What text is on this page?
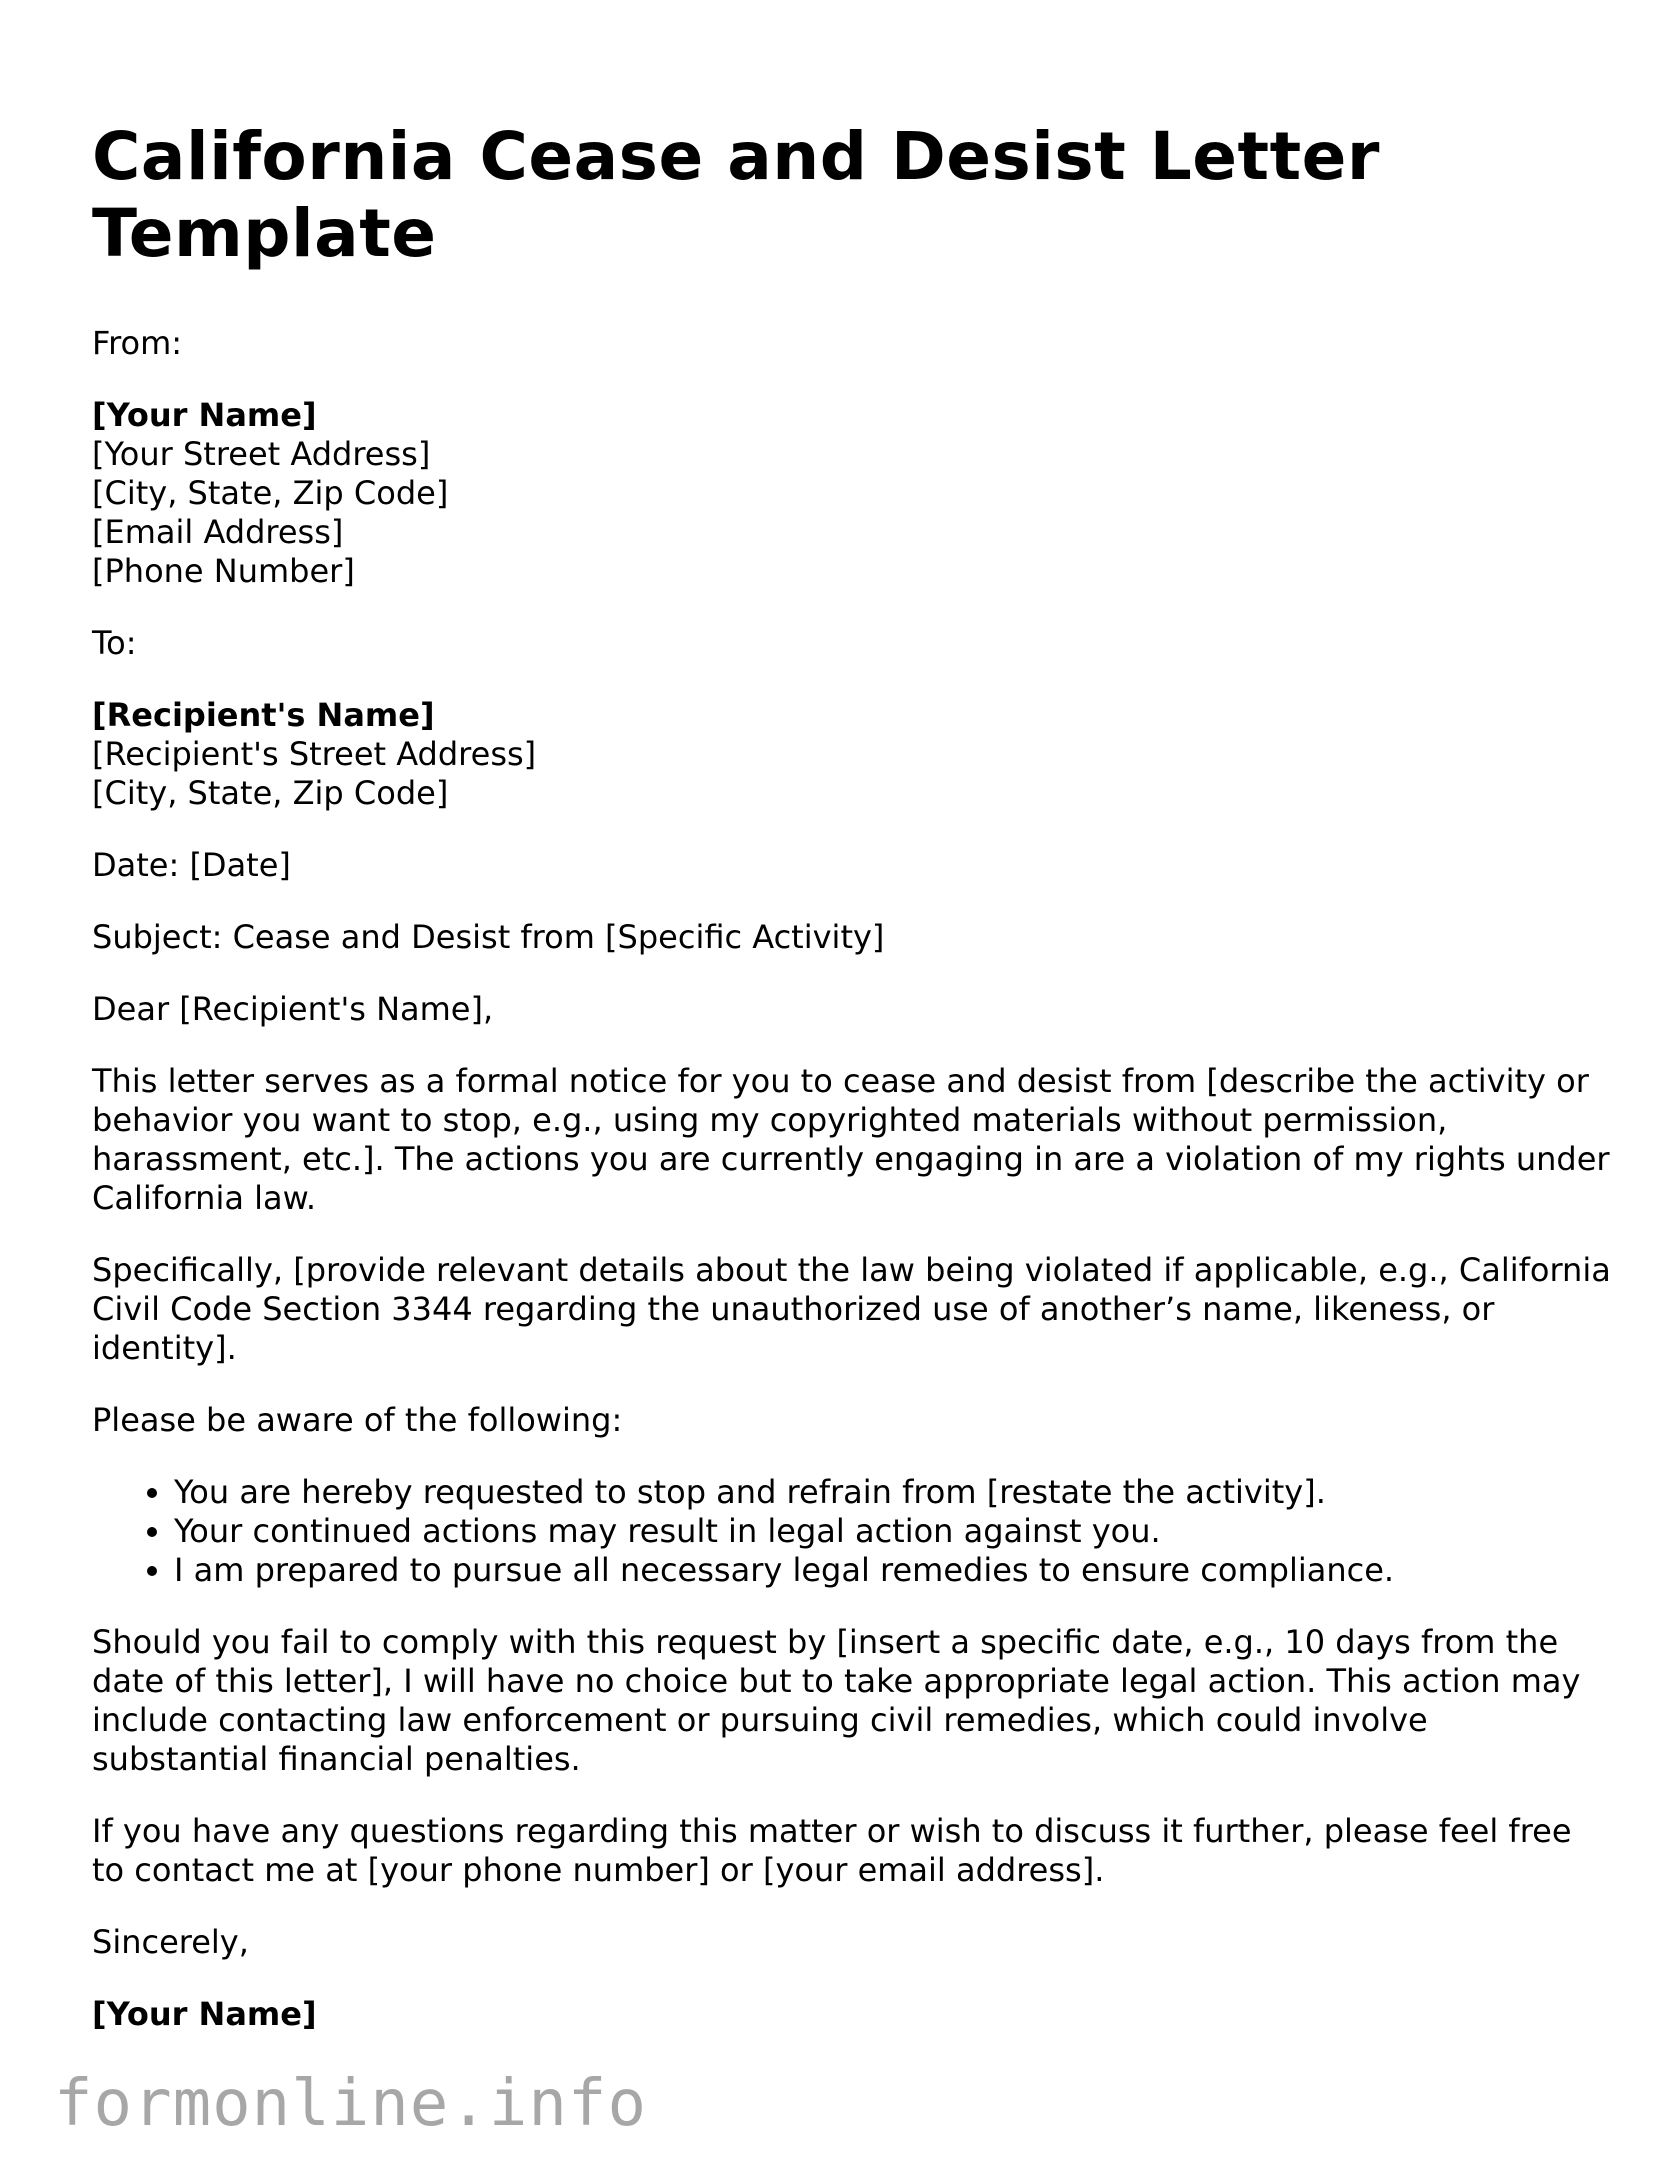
California Cease and Desist Letter Template

From:

[Your Name]
[Your Street Address]
[City, State, Zip Code]
[Email Address]
[Phone Number]

To:

[Recipient's Name]
[Recipient's Street Address]
[City, State, Zip Code]

Date: [Date]

Subject: Cease and Desist from [Specific Activity]

Dear [Recipient's Name],

This letter serves as a formal notice for you to cease and desist from [describe the activity or behavior you want to stop, e.g., using my copyrighted materials without permission, harassment, etc.]. The actions you are currently engaging in are a violation of my rights under California law.

Specifically, [provide relevant details about the law being violated if applicable, e.g., California Civil Code Section 3344 regarding the unauthorized use of another’s name, likeness, or identity].

Please be aware of the following:

• You are hereby requested to stop and refrain from [restate the activity].
• Your continued actions may result in legal action against you.
• I am prepared to pursue all necessary legal remedies to ensure compliance.

Should you fail to comply with this request by [insert a specific date, e.g., 10 days from the date of this letter], I will have no choice but to take appropriate legal action. This action may include contacting law enforcement or pursuing civil remedies, which could involve substantial financial penalties.

If you have any questions regarding this matter or wish to discuss it further, please feel free to contact me at [your phone number] or [your email address].

Sincerely,

[Your Name]

formonline.info
